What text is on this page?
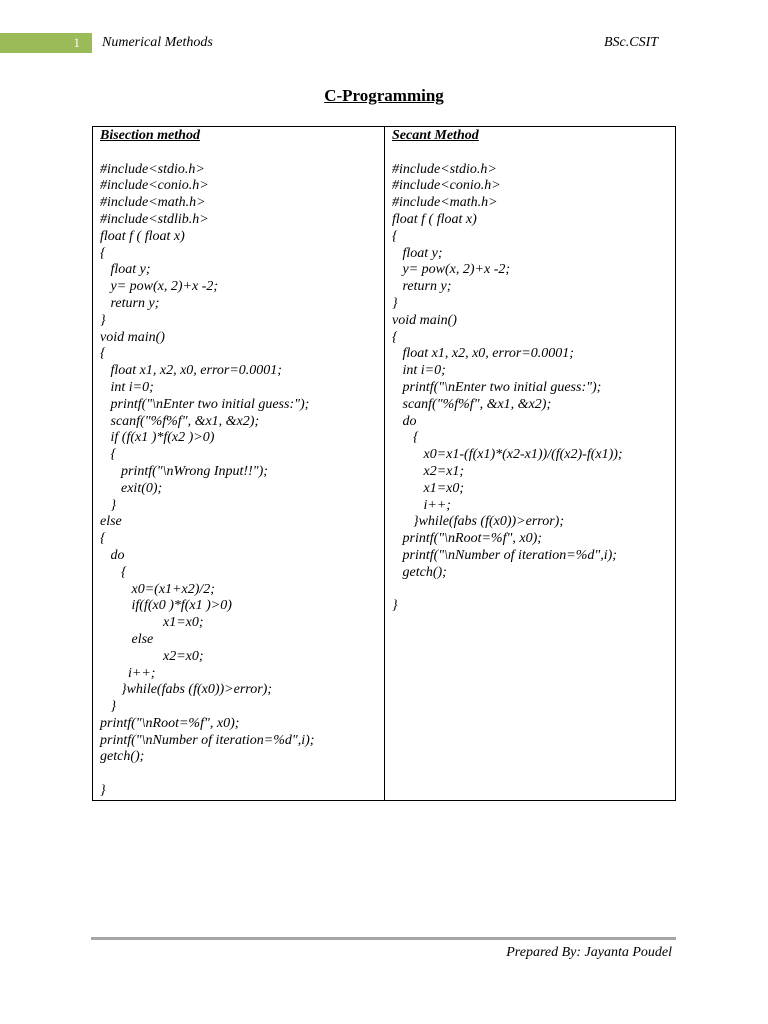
1	Numerical Methods	BSc.CSIT
C-Programming
Bisection method
#include<stdio.h>
#include<conio.h>
#include<math.h>
#include<stdlib.h>
float f ( float x)
{
float y;
y= pow(x, 2)+x -2;
return y;
}
void main()
{
float x1, x2, x0, error=0.0001;
int i=0;
printf("\nEnter two initial guess:");
scanf("%f%f", &x1, &x2);
if (f(x1 )*f(x2 )>0)
{
printf("\nWrong Input!!");
exit(0);
}
else
{
do
{
x0=(x1+x2)/2;
if(f(x0 )*f(x1 )>0)
x1=x0;
else
x2=x0;
i++;
}while(fabs (f(x0))>error);
}
printf("\nRoot=%f", x0);
printf("\nNumber of iteration=%d",i);
getch();
}

Secant Method
#include<stdio.h>
#include<conio.h>
#include<math.h>
float f ( float x)
{
float y;
y= pow(x, 2)+x -2;
return y;
}
void main()
{
float x1, x2, x0, error=0.0001;
int i=0;
printf("\nEnter two initial guess:");
scanf("%f%f", &x1, &x2);
do
{
x0=x1-(f(x1)*(x2-x1))/(f(x2)-f(x1));
x2=x1;
x1=x0;
i++;
}while(fabs (f(x0))>error);
printf("\nRoot=%f", x0);
printf("\nNumber of iteration=%d",i);
getch();
}
Prepared By: Jayanta Poudel
